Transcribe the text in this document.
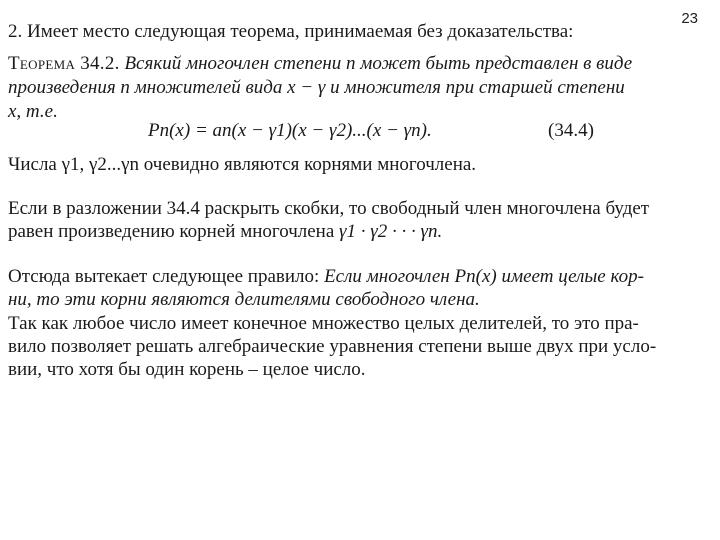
23
2. Имеет место следующая теорема, принимаемая без доказательства:
Теорема 34.2. Всякий многочлен степени n может быть представлен в виде
произведения n множителей вида x − γ и множителя при старшей степени
x, т.е.
Pn(x) = an(x − γ1)(x − γ2)...(x − γn).	(34.4)
Числа γ1, γ2...γn очевидно являются корнями многочлена.
Если в разложении 34.4 раскрыть скобки, то свободный член многочлена будет
равен произведению корней многочлена γ1 · γ2 · · · γn.
Отсюда вытекает следующее правило: Если многочлен Pn(x) имеет целые кор-
ни, то эти корни являются делителями свободного члена.
Так как любое число имеет конечное множество целых делителей, то это пра-
вило позволяет решать алгебраические уравнения степени выше двух при усло-
вии, что хотя бы один корень – целое число.
